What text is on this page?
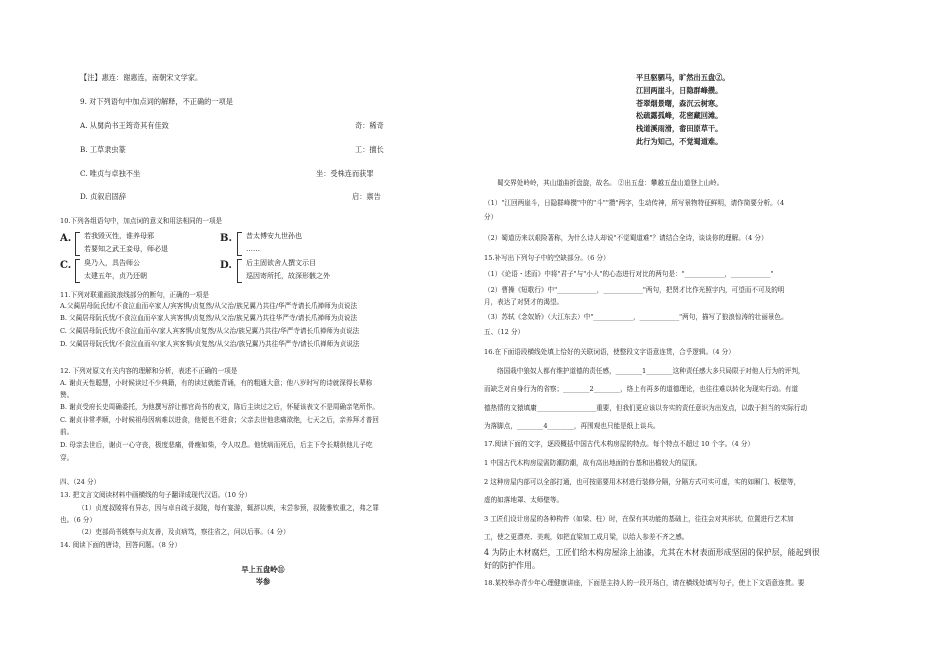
【注】惠连：谢惠连，南朝宋文学家。
9. 对下列语句中加点词的解释，不正确的一项是
A. 从舅尚书王筠奇其有佳致	奇：稀奇
B. 工草隶虫篆	工：擅长
C. 唯贞与卓独不坐	坐：受株连而获罪
D. 贞叙启固辞	启：禀告
10.下列各组语句中，加点词的意义和用法相同的一项是
A. 若我毁灭性，谁养母邪
若要知之武王妾母，师必退
B. 昔太傅安九世孙也
……
C. 臭乃入，具告师公
太建五年，贞乃还朝
D. 后主固欲舍人撰文示目
巡因寄所托，故深形骸之外
11.下列对联重画波浪线部分的断句，正确的一项是
A.父蔺居母阮氏忧/不食泣血而卒家人/宾客惧/贞复然/从父治/族兄翼乃共往/华严寺请长爪禅师为贞说法
B. 父蔺居母阮氏忧/不食泣血而卒家人宾客惧/贞复然/从父治/族兄翼乃共往华严寺/请长爪禅师为贞说法
C. 父蔺居母阮氏忧/不食泣血而卒/家人宾客惧/贞复然/从父治/族兄翼乃共往/华严寺请长爪禅师为贞说法
D. 父蔺居母阮氏忧/不食泣血而卒/家人宾客惧/贞复然/从父治/族兄翼乃共往华严寺/请长爪禅师为贞说法
12. 下列对原文有关内容的理解和分析，表述不正确的一项是
A. 谢贞天性聪慧，小时候读过不少典籍，有的读过就能背诵，有的粗通大意；他八岁时写的诗就深得长辈称
赞。
B. 谢贞受府长史周确委托，为他撰写辞让都官尚书的表文，陈后主读过之后，怀疑该表文不是周确亲笔所作。
C. 谢贞非常孝顺，小时候祖母因病难以进食，他便也不进食；父亲去世他悲痛欲绝，七天之后，亲养拜才普回
前。
D. 母亲去世后，谢贞一心守丧，极度悲痛，骨瘦如柴，令人叹息。他忧病而死后，后主下令长期供他儿子吃
穿。
四、（24 分）
13. 把文言文阅读材料中画横线的句子翻译成现代汉语。（10 分）
（1）贞度叔陵将有异志，因与卓自疏于叔陵，每有宴游，辄辞以疾，未尝参预，叔陵雅钦重之，弗之罪
也。（6 分）
（2）吏部尚书姚察与贞友善，及贞病笃，察往省之，问以后事。（4 分）
14. 阅读下面的唐诗，回答问题。（8 分）
早上五盘岭⑪
岑参
平旦驱驷马，旷然出五盘②。
江回两崖斗，日隐群峰攒。
苍翠烟景曙，森沉云树寒。
松疏露孤峰，花密藏回滩。
栈道溪雨滑，畲田原草干。
此行为知己，不觉蜀道难。
蜀交界处岭岭，其山道曲折盘旋，故名。 ②出五盘：攀越五盘山道登上山岭。
（1）"江回两崖斗，日隐群峰攒"中的"斗""攒"两字，生动传神，所写景物特征鲜明，请作简要分析。（4
分）
（2）蜀道历来以艰险著称，为什么诗人却说"不觉蜀道难"？请结合全诗，谈谈你的理解。（4 分）
15.补写出下列句子中的空缺部分。（6 分）
（1）《论语・述而》中将"君子"与"小人"的心态进行对比的两句是："____________，____________"
（2）曹操《短歌行》中"____________，____________"两句，把贤才比作光照宇内，可望而不可及的明
月，表达了对贤才的渴望。
（3）苏轼《念奴娇》（大江东去）中"____________，____________"两句，描写了狼浪惊涛的壮丽景色。
五、（12 分）
16.在下面语段横线处填上恰好的关联词语，使整段文字语意连贯，合乎逻辑。（4 分）
络国栽中狼奴人都有维护道德的责任感，________1________这种责任感大多只局限于对他人行为的评判，
而缺乏对自身行为的省察；________2________，络上有再多的道德理论，也往往难以转化为现实行动。有道
德热情的文猿填庸__________________重要，但我们更应该以夯实的责任意识为出发点，以敢于担当的实际行动
为落脚点，________4________，再围观也只能是纸上谈兵。
17.阅读下面的文字，逐段概括中国古代木构房屋的特点。每个特点不超过 10 个字。（4 分）
1 中国古代木构房屋需防潮防潮，故有高出地面的台基和出檐较大的屋顶。
2 这种房屋内部可以全部打通，也可按需要用木材进行装修分隔，分隔方式可实可虚，实的如厢门、板壁等，
虚的如落地罩、太师壁等。
3 工匠们设计房屋的各种构件（如梁、柱）时，在保有其功能的基础上，往往会对其形状，位置进行艺术加
工，使之更漂亮、美观，如把直梁加工成月梁，以给人参差不齐之感。
4 为防止木材腐烂，工匠们给木构房屋涂上油漆，尤其在木材表面形成坚固的保护层，能起到很
好的防护作用。
18.某校举办青少年心理健康讲座，下面是主持人的一段开场白，请在横线处填写句子，使上下文语意连贯。要
